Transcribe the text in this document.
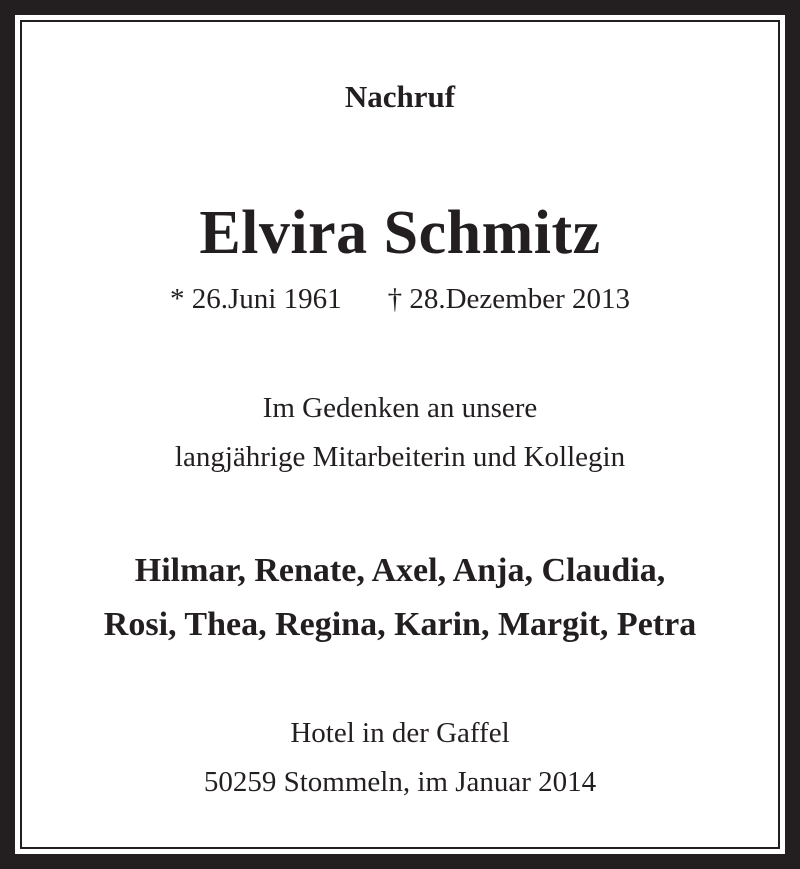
Nachruf
Elvira Schmitz
* 26.Juni 1961 † 28.Dezember 2013
Im Gedenken an unsere
langjährige Mitarbeiterin und Kollegin
Hilmar, Renate, Axel, Anja, Claudia,
Rosi, Thea, Regina, Karin, Margit, Petra
Hotel in der Gaffel
50259 Stommeln, im Januar 2014
